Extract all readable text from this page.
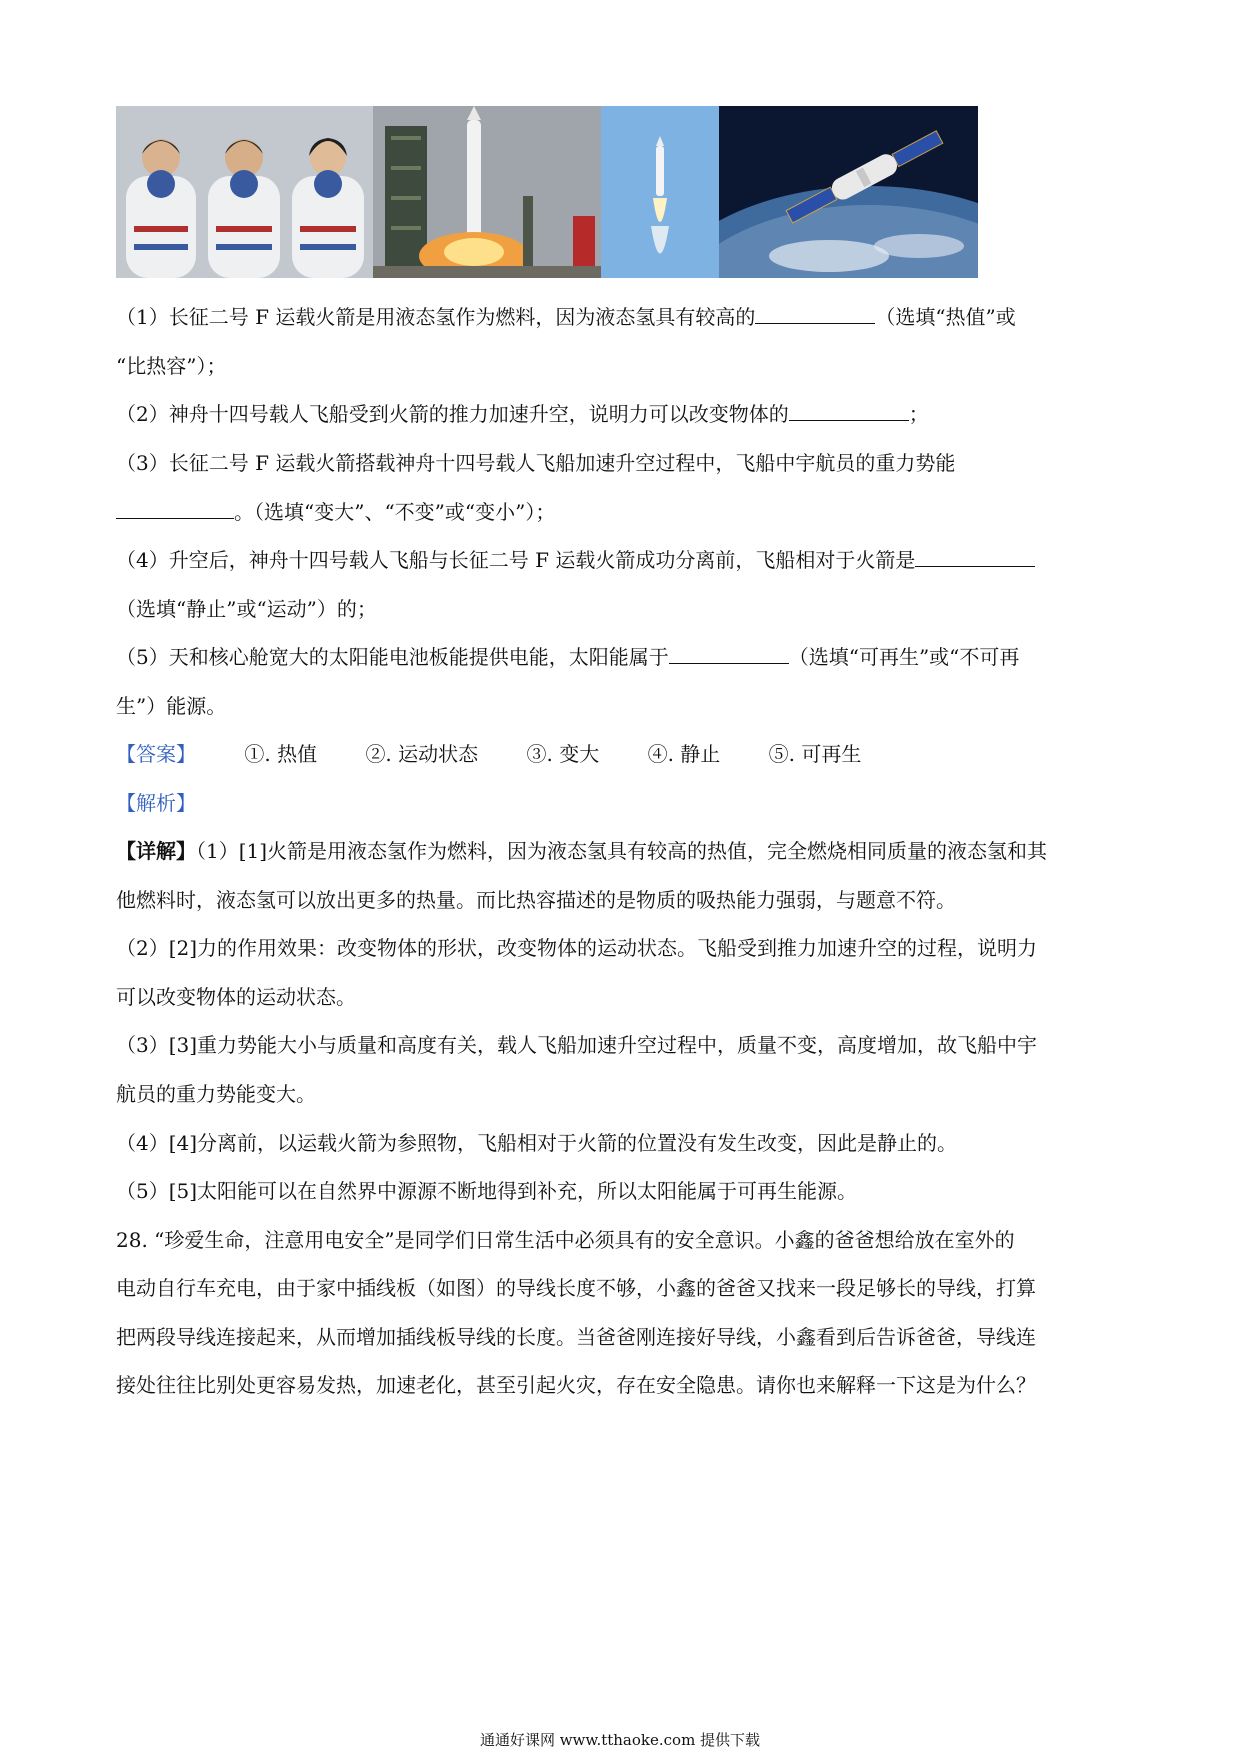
（1）长征二号 F 运载火箭是用液态氢作为燃料，因为液态氢具有较高的	（选填“热值”或
“比热容”）；
（2）神舟十四号载人飞船受到火箭的推力加速升空，说明力可以改变物体的	；
（3）长征二号 F 运载火箭搭载神舟十四号载人飞船加速升空过程中，飞船中宇航员的重力势能
。（选填“变大”、“不变”或“变小”）；
（4）升空后，神舟十四号载人飞船与长征二号 F 运载火箭成功分离前，飞船相对于火箭是
（选填“静止”或“运动”）的；
（5）天和核心舱宽大的太阳能电池板能提供电能，太阳能属于	（选填“可再生”或“不可再
生”）能源。
【答案】 ①. 热值 ②. 运动状态 ③. 变大 ④. 静止 ⑤. 可再生
【解析】
【详解】（1）[1]火箭是用液态氢作为燃料，因为液态氢具有较高的热值，完全燃烧相同质量的液态氢和其
他燃料时，液态氢可以放出更多的热量。而比热容描述的是物质的吸热能力强弱，与题意不符。
（2）[2]力的作用效果：改变物体的形状，改变物体的运动状态。飞船受到推力加速升空的过程，说明力
可以改变物体的运动状态。
（3）[3]重力势能大小与质量和高度有关，载人飞船加速升空过程中，质量不变，高度增加，故飞船中宇
航员的重力势能变大。
（4）[4]分离前，以运载火箭为参照物，飞船相对于火箭的位置没有发生改变，因此是静止的。
（5）[5]太阳能可以在自然界中源源不断地得到补充，所以太阳能属于可再生能源。
28. “珍爱生命，注意用电安全”是同学们日常生活中必须具有的安全意识。小鑫的爸爸想给放在室外的
电动自行车充电，由于家中插线板（如图）的导线长度不够，小鑫的爸爸又找来一段足够长的导线，打算
把两段导线连接起来，从而增加插线板导线的长度。当爸爸刚连接好导线，小鑫看到后告诉爸爸，导线连
接处往往比别处更容易发热，加速老化，甚至引起火灾，存在安全隐患。请你也来解释一下这是为什么？
通通好课网 www.tthaoke.com 提供下载
